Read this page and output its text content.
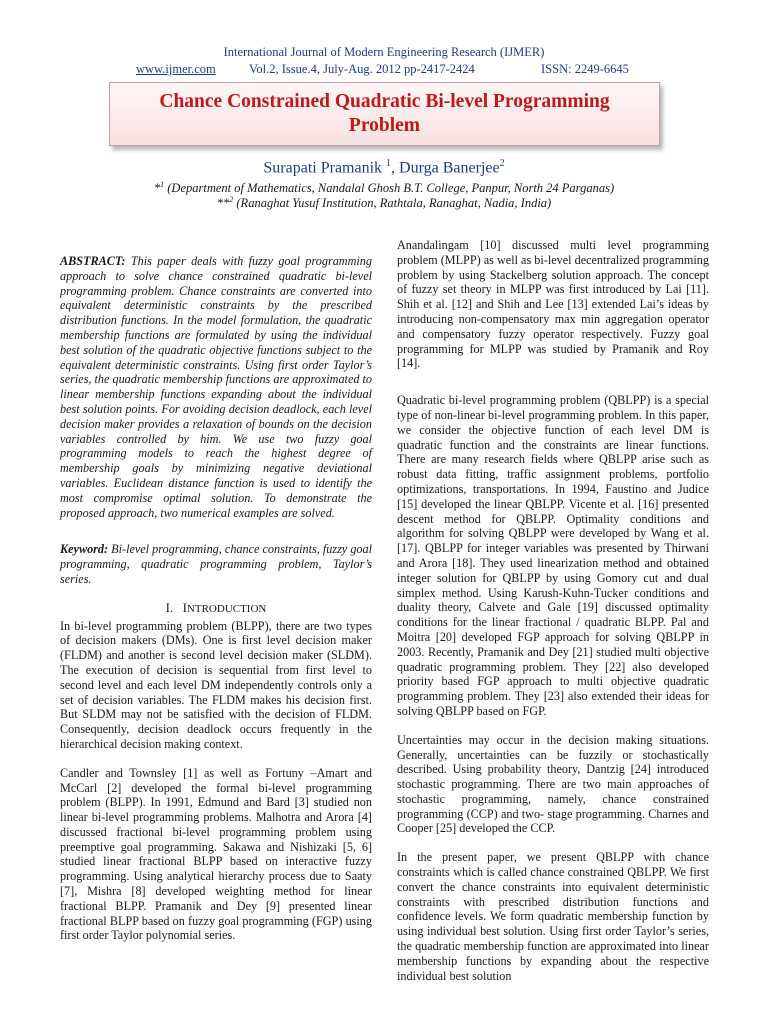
International Journal of Modern Engineering Research (IJMER)
www.ijmer.com	Vol.2, Issue.4, July-Aug. 2012 pp-2417-2424	ISSN: 2249-6645
Chance Constrained Quadratic Bi-level Programming
Problem
Surapati Pramanik $^1$, Durga Banerjee$^2$
*$^1$ (Department of Mathematics, Nandalal Ghosh B.T. College, Panpur, North 24 Parganas)
**$^2$ (Ranaghat Yusuf Institution, Rathtala, Ranaghat, Nadia, India)

ABSTRACT: This paper deals with fuzzy goal programming approach to solve chance constrained quadratic bi-level programming problem. Chance constraints are converted into equivalent deterministic constraints by the prescribed distribution functions. In the model formulation, the quadratic membership functions are formulated by using the individual best solution of the quadratic objective functions subject to the equivalent deterministic constraints. Using first order Taylor’s series, the quadratic membership functions are approximated to linear membership functions expanding about the individual best solution points. For avoiding decision deadlock, each level decision maker provides a relaxation of bounds on the decision variables controlled by him. We use two fuzzy goal programming models to reach the highest degree of membership goals by minimizing negative deviational variables. Euclidean distance function is used to identify the most compromise optimal solution. To demonstrate the proposed approach, two numerical examples are solved.

Keyword: Bi-level programming, chance constraints, fuzzy goal programming, quadratic programming problem, Taylor’s series.

I. INTRODUCTION

In bi-level programming problem (BLPP), there are two types of decision makers (DMs). One is first level decision maker (FLDM) and another is second level decision maker (SLDM). The execution of decision is sequential from first level to second level and each level DM independently controls only a set of decision variables. The FLDM makes his decision first. But SLDM may not be satisfied with the decision of FLDM. Consequently, decision deadlock occurs frequently in the hierarchical decision making context.

Candler and Townsley [1] as well as Fortuny –Amart and McCarl [2] developed the formal bi-level programming problem (BLPP). In 1991, Edmund and Bard [3] studied non linear bi-level programming problems. Malhotra and Arora [4] discussed fractional bi-level programming problem using preemptive goal programming. Sakawa and Nishizaki [5, 6] studied linear fractional BLPP based on interactive fuzzy programming. Using analytical hierarchy process due to Saaty [7], Mishra [8] developed weighting method for linear fractional BLPP. Pramanik and Dey [9] presented linear fractional BLPP based on fuzzy goal programming (FGP) using first order Taylor polynomial series.

Anandalingam [10] discussed multi level programming problem (MLPP) as well as bi-level decentralized programming problem by using Stackelberg solution approach. The concept of fuzzy set theory in MLPP was first introduced by Lai [11]. Shih et al. [12] and Shih and Lee [13] extended Lai’s ideas by introducing non-compensatory max min aggregation operator and compensatory fuzzy operator respectively. Fuzzy goal programming for MLPP was studied by Pramanik and Roy [14].

Quadratic bi-level programming problem (QBLPP) is a special type of non-linear bi-level programming problem. In this paper, we consider the objective function of each level DM is quadratic function and the constraints are linear functions. There are many research fields where QBLPP arise such as robust data fitting, traffic assignment problems, portfolio optimizations, transportations. In 1994, Faustino and Judice [15] developed the linear QBLPP. Vicente et al. [16] presented descent method for QBLPP. Optimality conditions and algorithm for solving QBLPP were developed by Wang et al. [17]. QBLPP for integer variables was presented by Thirwani and Arora [18]. They used linearization method and obtained integer solution for QBLPP by using Gomory cut and dual simplex method. Using Karush-Kuhn-Tucker conditions and duality theory, Calvete and Gale [19] discussed optimality conditions for the linear fractional / quadratic BLPP. Pal and Moitra [20] developed FGP approach for solving QBLPP in 2003. Recently, Pramanik and Dey [21] studied multi objective quadratic programming problem. They [22] also developed priority based FGP approach to multi objective quadratic programming problem. They [23] also extended their ideas for solving QBLPP based on FGP.

Uncertainties may occur in the decision making situations. Generally, uncertainties can be fuzzily or stochastically described. Using probability theory, Dantzig [24] introduced stochastic programming. There are two main approaches of stochastic programming, namely, chance constrained programming (CCP) and two- stage programming. Charnes and Cooper [25] developed the CCP.

In the present paper, we present QBLPP with chance constraints which is called chance constrained QBLPP. We first convert the chance constraints into equivalent deterministic constraints with prescribed distribution functions and confidence levels. We form quadratic membership function by using individual best solution. Using first order Taylor’s series, the quadratic membership function are approximated into linear membership functions by expanding about the respective individual best solution
